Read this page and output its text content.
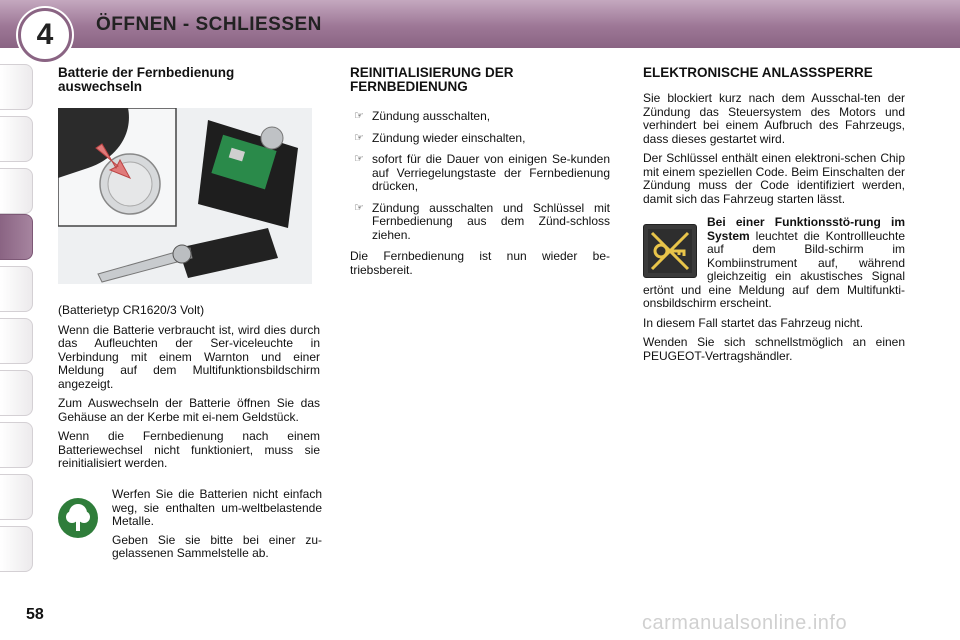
4	ÖFFNEN - SCHLIESSEN
Batterie der Fernbedienung auswechseln

(Batterietyp CR1620/3 Volt)

Wenn die Batterie verbraucht ist, wird dies durch das Aufleuchten der Ser-viceleuchte in Verbindung mit einem Warnton und einer Meldung auf dem Multifunktionsbildschirm angezeigt.

Zum Auswechseln der Batterie öffnen Sie das Gehäuse an der Kerbe mit ei-nem Geldstück.

Wenn die Fernbedienung nach einem Batteriewechsel nicht funktioniert, muss sie reinitialisiert werden.

Werfen Sie die Batterien nicht einfach weg, sie enthalten um-weltbelastende Metalle.

Geben Sie sie bitte bei einer zu-gelassenen Sammelstelle ab.

REINITIALISIERUNG DER FERNBEDIENUNG
☞ Zündung ausschalten,
☞ Zündung wieder einschalten,
☞ sofort für die Dauer von einigen Se-kunden auf Verriegelungstaste der Fernbedienung drücken,
☞ Zündung ausschalten und Schlüssel mit Fernbedienung aus dem Zünd-schloss ziehen.

Die Fernbedienung ist nun wieder be-triebsbereit.

ELEKTRONISCHE ANLASSSPERRE

Sie blockiert kurz nach dem Ausschal-ten der Zündung das Steuersystem des Motors und verhindert bei einem Aufbruch des Fahrzeugs, dass dieses gestartet wird.

Der Schlüssel enthält einen elektroni-schen Chip mit einem speziellen Code. Beim Einschalten der Zündung muss der Code identifiziert werden, damit sich das Fahrzeug starten lässt.

Bei einer Funktionsstö-rung im System leuchtet die Kontrollleuchte auf dem Bild-schirm im Kombiinstrument auf, während gleichzeitig ein akustisches Signal ertönt und eine Meldung auf dem Multifunkti-onsbildschirm erscheint.

In diesem Fall startet das Fahrzeug nicht.

Wenden Sie sich schnellstmöglich an einen PEUGEOT-Vertragshändler.

58	carmanualsonline.info
